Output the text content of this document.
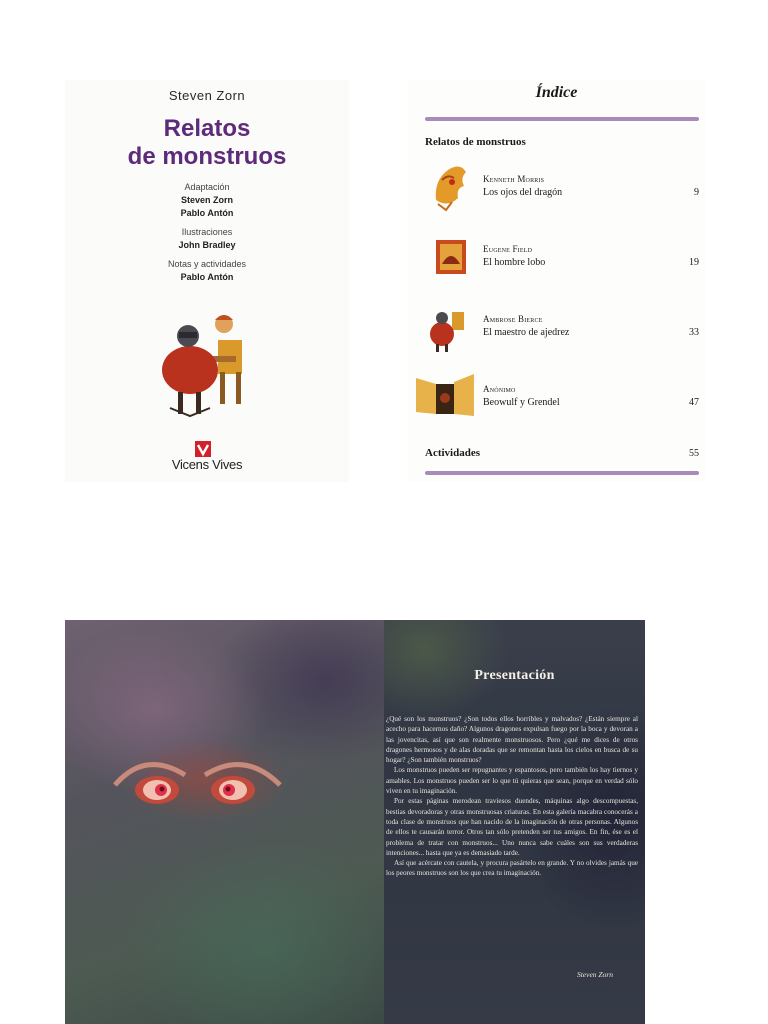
Steven Zorn
Relatos
de monstruos
Adaptación
Steven Zorn
Pablo Antón
Ilustraciones
John Bradley
Notas y actividades
Pablo Antón
Vicens Vives
Índice
Relatos de monstruos
Kenneth Morris
Los ojos del dragón	9
Eugene Field
El hombre lobo	19
Ambrose Bierce
El maestro de ajedrez	33
Anónimo
Beowulf y Grendel	47
Actividades	55
Presentación

¿Qué son los monstruos? ¿Son todos ellos horribles y malvados? ¿Están siempre al acecho para hacernos daño? Algunos dragones expulsan fuego por la boca y devoran a las jovencitas, así que son realmente monstruosos. Pero ¿qué me dices de otros dragones hermosos y de alas doradas que se remontan hasta los cielos en busca de su hogar? ¿Son también monstruos?

Los monstruos pueden ser repugnantes y espantosos, pero también los hay tiernos y amables. Los monstruos pueden ser lo que tú quieras que sean, porque en verdad sólo viven en tu imaginación.

Por estas páginas merodean traviesos duendes, máquinas algo descompuestas, bestias devoradoras y otras monstruosas criaturas. En esta galería macabra conocerás a toda clase de monstruos que han nacido de la imaginación de otras personas. Algunos de ellos te causarán terror. Otros tan sólo pretenden ser tus amigos. En fin, ése es el problema de tratar con monstruos... Uno nunca sabe cuáles son sus verdaderas intenciones... hasta que ya es demasiado tarde.

Así que acércate con cautela, y procura pasártelo en grande. Y no olvides jamás que los peores monstruos son los que crea tu imaginación.

Steven Zorn
